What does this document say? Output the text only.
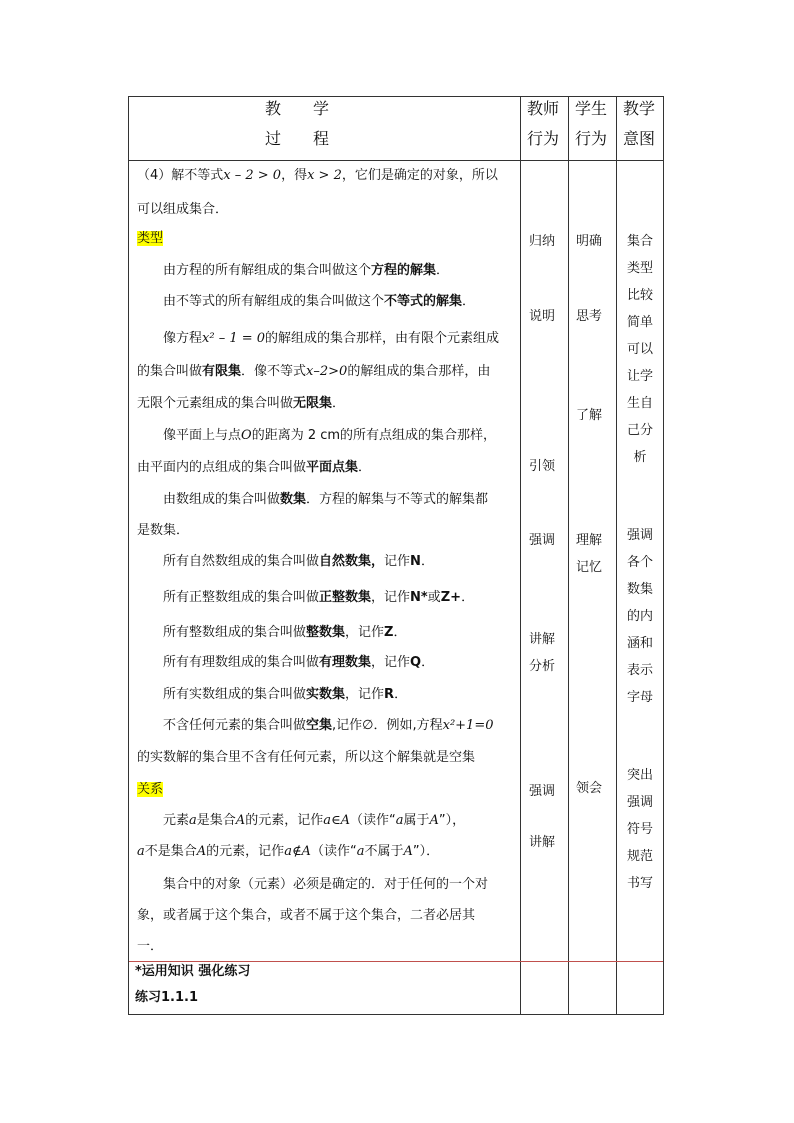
教　　学
过　　程
教师
行为
学生
行为
教学
意图
（4）解不等式x – 2 > 0，得x > 2，它们是确定的对象，所以
可以组成集合．
类型
由方程的所有解组成的集合叫做这个方程的解集．
由不等式的所有解组成的集合叫做这个不等式的解集．
像方程x² – 1 = 0的解组成的集合那样，由有限个元素组成
的集合叫做有限集．像不等式x–2>0的解组成的集合那样，由
无限个元素组成的集合叫做无限集．
像平面上与点O的距离为 2 cm的所有点组成的集合那样，
由平面内的点组成的集合叫做平面点集．
由数组成的集合叫做数集．方程的解集与不等式的解集都
是数集．
所有自然数组成的集合叫做自然数集，记作N．
所有正整数组成的集合叫做正整数集，记作N*或Z+．
所有整数组成的集合叫做整数集，记作Z．
所有有理数组成的集合叫做有理数集，记作Q．
所有实数组成的集合叫做实数集，记作R．
不含任何元素的集合叫做空集,记作∅．例如,方程x²+1=0
的实数解的集合里不含有任何元素，所以这个解集就是空集
关系
元素a是集合A的元素，记作a∈A（读作“a属于A”），
a不是集合A的元素，记作a∉A（读作“a不属于A”）．
集合中的对象（元素）必须是确定的．对于任何的一个对
象，或者属于这个集合，或者不属于这个集合，二者必居其
一．
*运用知识 强化练习
练习1.1.1
归纳
说明
引领
强调
讲解
分析
强调
讲解
明确
思考
了解
理解
记忆
领会
集合
类型
比较
简单
可以
让学
生自
己分
析
强调
各个
数集
的内
涵和
表示
字母
突出
强调
符号
规范
书写
